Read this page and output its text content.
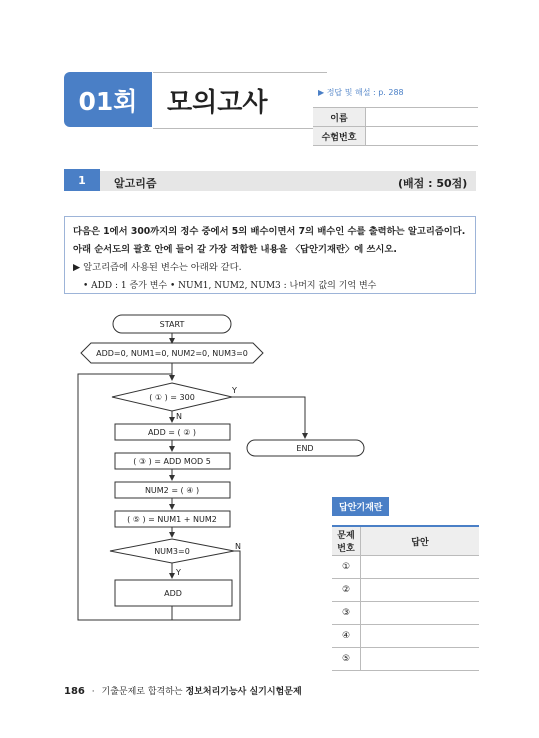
01회	모의고사	▶ 정답 및 해설 : p. 288
이름	
수험번호	
1	알고리즘	(배점 : 50점)
다음은 1에서 300까지의 정수 중에서 5의 배수이면서 7의 배수인 수를 출력하는 알고리즘이다.
아래 순서도의 괄호 안에 들어 갈 가장 적합한 내용을 〈답안기재란〉에 쓰시오.
▶ 알고리즘에 사용된 변수는 아래와 같다.
• ADD : 1 증가 변수 • NUM1, NUM2, NUM3 : 나머지 값의 기억 변수
START
ADD=0, NUM1=0, NUM2=0, NUM3=0
( ① ) = 300
Y
N
ADD = ( ② )
( ③ ) = ADD MOD 5
NUM2 = ( ④ )
( ⑤ ) = NUM1 + NUM2
NUM3=0
Y
N
ADD
END
답안기재란
문제
번호	답안
①	
②	
③	
④	
⑤	
186 · 기출문제로 합격하는 정보처리기능사 실기시험문제
